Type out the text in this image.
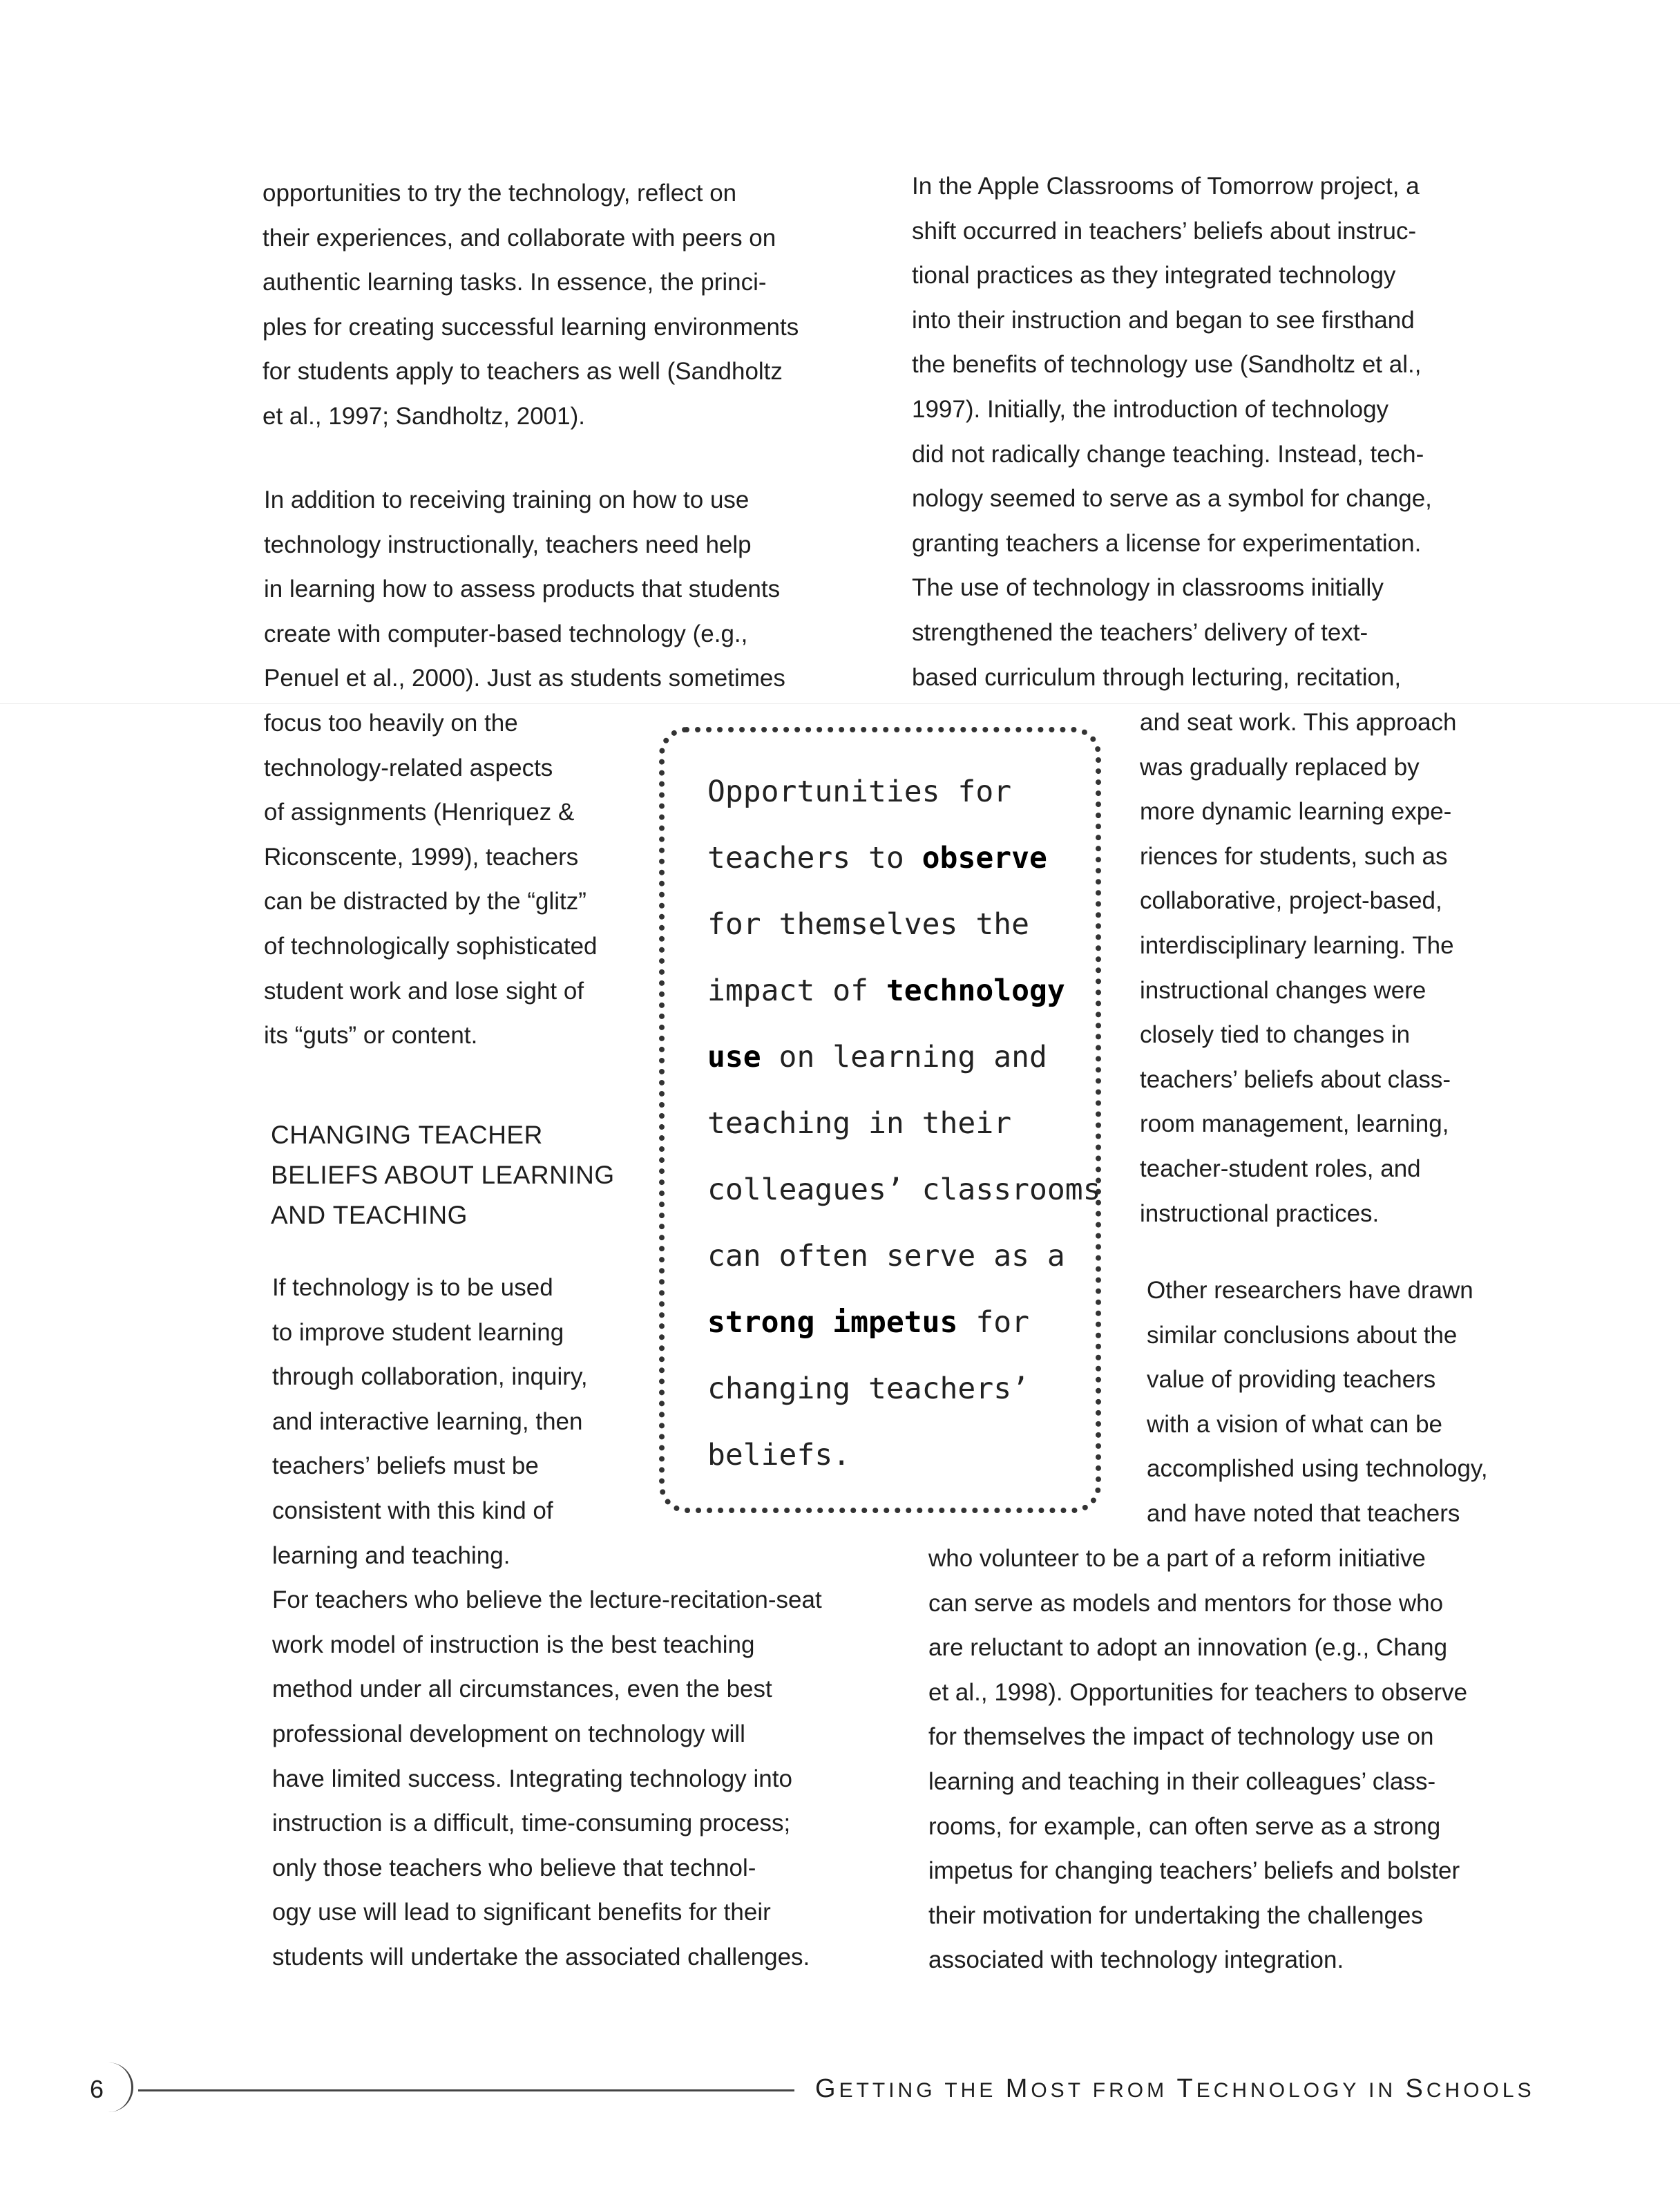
opportunities to try the technology, reflect on
their experiences, and collaborate with peers on
authentic learning tasks. In essence, the princi-
ples for creating successful learning environments
for students apply to teachers as well (Sandholtz
et al., 1997; Sandholtz, 2001).
In addition to receiving training on how to use
technology instructionally, teachers need help
in learning how to assess products that students
create with computer-based technology (e.g.,
Penuel et al., 2000). Just as students sometimes
focus too heavily on the
technology-related aspects
of assignments (Henriquez &
Riconscente, 1999), teachers
can be distracted by the “glitz”
of technologically sophisticated
student work and lose sight of
its “guts” or content.
CHANGING TEACHER
BELIEFS ABOUT LEARNING
AND TEACHING
If technology is to be used
to improve student learning
through collaboration, inquiry,
and interactive learning, then
teachers’ beliefs must be
consistent with this kind of
learning and teaching.
For teachers who believe the lecture-recitation-seat
work model of instruction is the best teaching
method under all circumstances, even the best
professional development on technology will
have limited success. Integrating technology into
instruction is a difficult, time-consuming process;
only those teachers who believe that technol-
ogy use will lead to significant benefits for their
students will undertake the associated challenges.
In the Apple Classrooms of Tomorrow project, a
shift occurred in teachers’ beliefs about instruc-
tional practices as they integrated technology
into their instruction and began to see firsthand
the benefits of technology use (Sandholtz et al.,
1997). Initially, the introduction of technology
did not radically change teaching. Instead, tech-
nology seemed to serve as a symbol for change,
granting teachers a license for experimentation.
The use of technology in classrooms initially
strengthened the teachers’ delivery of text-
based curriculum through lecturing, recitation,
and seat work. This approach
was gradually replaced by
more dynamic learning expe-
riences for students, such as
collaborative, project-based,
interdisciplinary learning. The
instructional changes were
closely tied to changes in
teachers’ beliefs about class-
room management, learning,
teacher-student roles, and
instructional practices.
Other researchers have drawn
similar conclusions about the
value of providing teachers
with a vision of what can be
accomplished using technology,
and have noted that teachers
who volunteer to be a part of a reform initiative
can serve as models and mentors for those who
are reluctant to adopt an innovation (e.g., Chang
et al., 1998). Opportunities for teachers to observe
for themselves the impact of technology use on
learning and teaching in their colleagues’ class-
rooms, for example, can often serve as a strong
impetus for changing teachers’ beliefs and bolster
their motivation for undertaking the challenges
associated with technology integration.
Opportunities for
teachers to observe
for themselves the
impact of technology
use on learning and
teaching in their
colleagues’ classrooms
can often serve as a
strong impetus for
changing teachers’
beliefs.
6	GETTING THE MOST FROM TECHNOLOGY IN SCHOOLS
